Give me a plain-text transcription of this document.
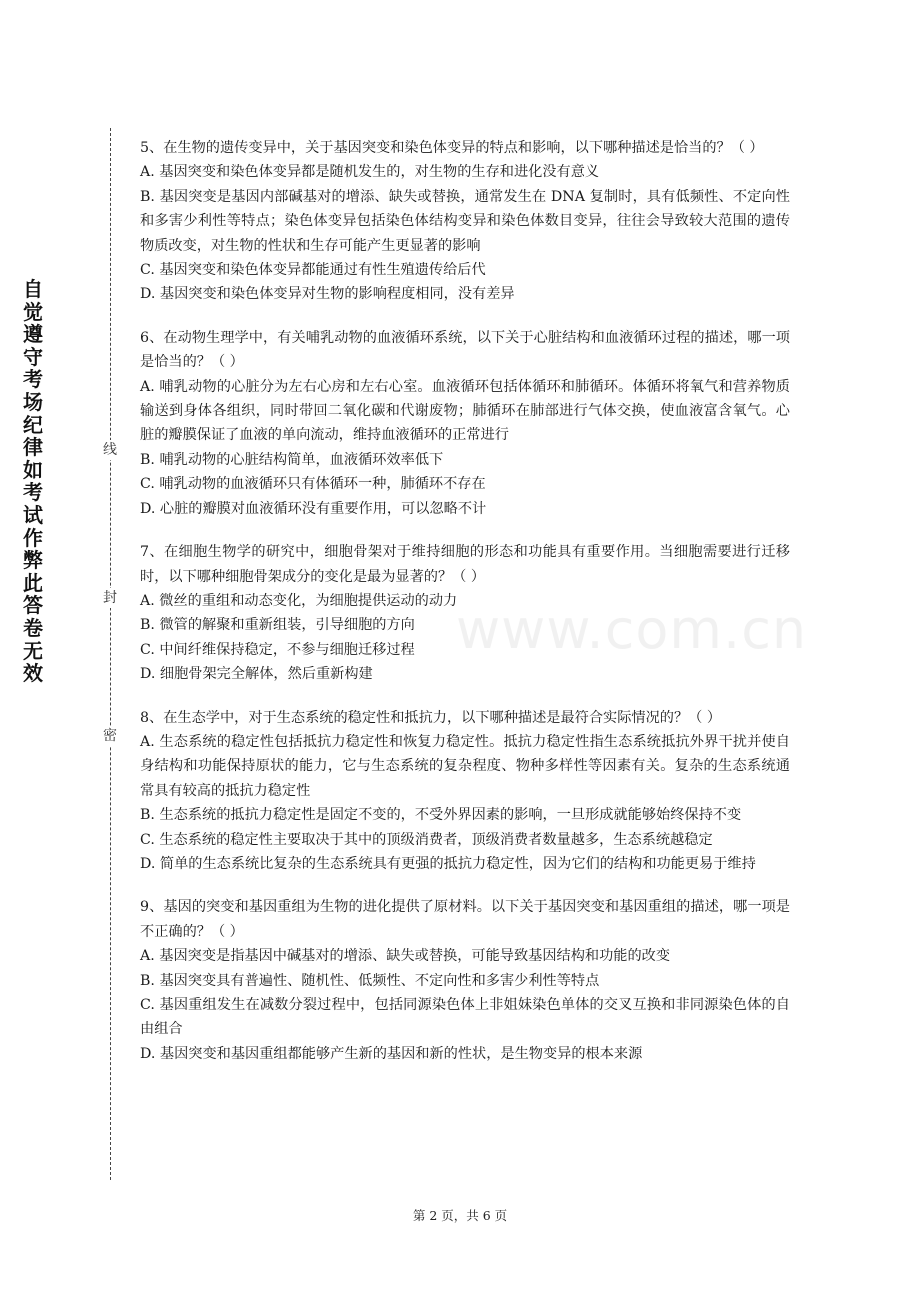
自觉遵守考场纪律如考试作弊此答卷无效
线
封
密
www.com.cn

5、在生物的遗传变异中，关于基因突变和染色体变异的特点和影响，以下哪种描述是恰当的？（ ）

A. 基因突变和染色体变异都是随机发生的，对生物的生存和进化没有意义

B. 基因突变是基因内部碱基对的增添、缺失或替换，通常发生在 DNA 复制时，具有低频性、不定向性和多害少利性等特点；染色体变异包括染色体结构变异和染色体数目变异，往往会导致较大范围的遗传物质改变，对生物的性状和生存可能产生更显著的影响

C. 基因突变和染色体变异都能通过有性生殖遗传给后代

D. 基因突变和染色体变异对生物的影响程度相同，没有差异

6、在动物生理学中，有关哺乳动物的血液循环系统，以下关于心脏结构和血液循环过程的描述，哪一项是恰当的？（ ）

A. 哺乳动物的心脏分为左右心房和左右心室。血液循环包括体循环和肺循环。体循环将氧气和营养物质输送到身体各组织，同时带回二氧化碳和代谢废物；肺循环在肺部进行气体交换，使血液富含氧气。心脏的瓣膜保证了血液的单向流动，维持血液循环的正常进行

B. 哺乳动物的心脏结构简单，血液循环效率低下

C. 哺乳动物的血液循环只有体循环一种，肺循环不存在

D. 心脏的瓣膜对血液循环没有重要作用，可以忽略不计

7、在细胞生物学的研究中，细胞骨架对于维持细胞的形态和功能具有重要作用。当细胞需要进行迁移时，以下哪种细胞骨架成分的变化是最为显著的？（ ）

A. 微丝的重组和动态变化，为细胞提供运动的动力

B. 微管的解聚和重新组装，引导细胞的方向

C. 中间纤维保持稳定，不参与细胞迁移过程

D. 细胞骨架完全解体，然后重新构建

8、在生态学中，对于生态系统的稳定性和抵抗力，以下哪种描述是最符合实际情况的？（ ）

A. 生态系统的稳定性包括抵抗力稳定性和恢复力稳定性。抵抗力稳定性指生态系统抵抗外界干扰并使自身结构和功能保持原状的能力，它与生态系统的复杂程度、物种多样性等因素有关。复杂的生态系统通常具有较高的抵抗力稳定性

B. 生态系统的抵抗力稳定性是固定不变的，不受外界因素的影响，一旦形成就能够始终保持不变

C. 生态系统的稳定性主要取决于其中的顶级消费者，顶级消费者数量越多，生态系统越稳定

D. 简单的生态系统比复杂的生态系统具有更强的抵抗力稳定性，因为它们的结构和功能更易于维持

9、基因的突变和基因重组为生物的进化提供了原材料。以下关于基因突变和基因重组的描述，哪一项是不正确的？（ ）

A. 基因突变是指基因中碱基对的增添、缺失或替换，可能导致基因结构和功能的改变

B. 基因突变具有普遍性、随机性、低频性、不定向性和多害少利性等特点

C. 基因重组发生在减数分裂过程中，包括同源染色体上非姐妹染色单体的交叉互换和非同源染色体的自由组合

D. 基因突变和基因重组都能够产生新的基因和新的性状，是生物变异的根本来源

第 2 页，共 6 页
